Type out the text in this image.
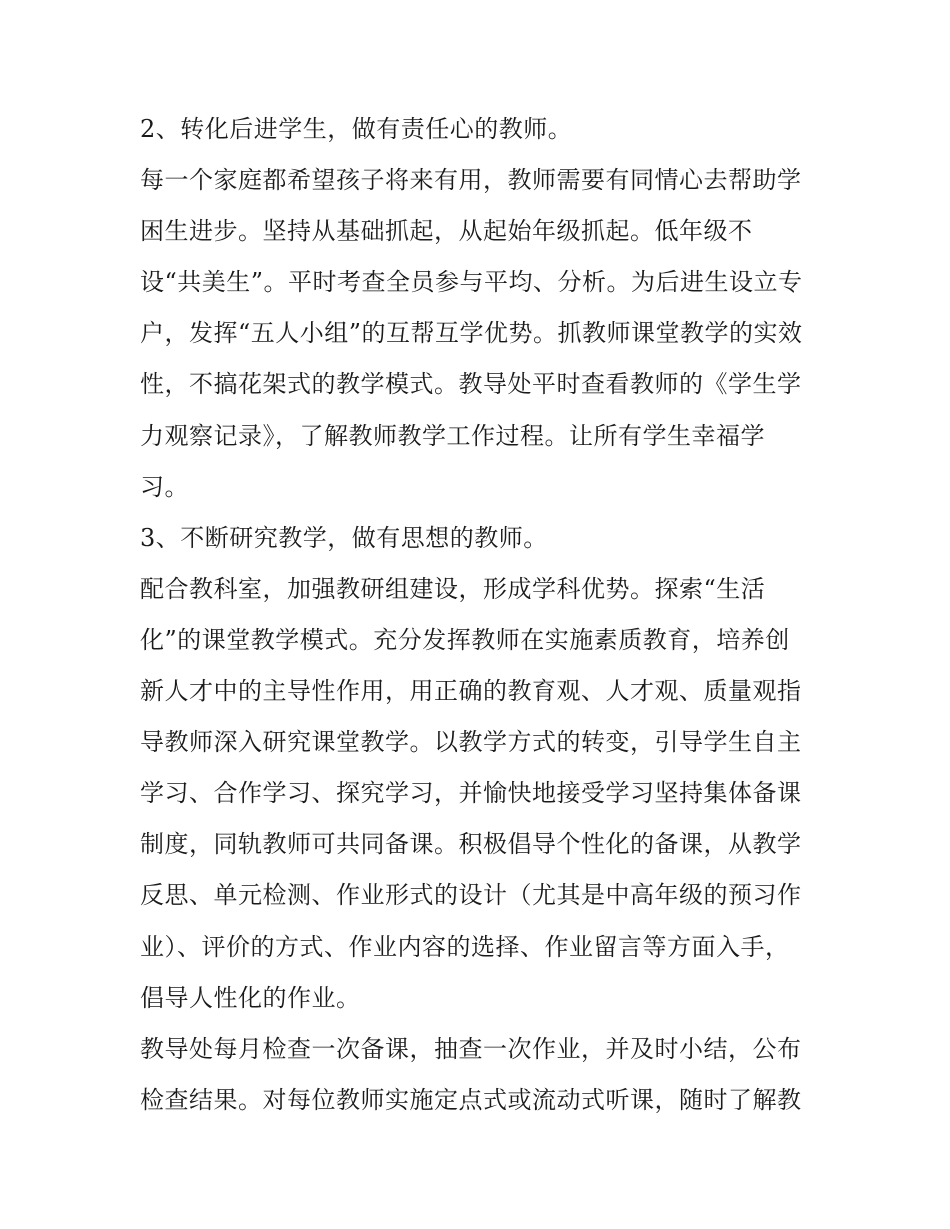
2、转化后进学生，做有责任心的教师。
每一个家庭都希望孩子将来有用，教师需要有同情心去帮助学
困生进步。坚持从基础抓起，从起始年级抓起。低年级不
设“共美生”。平时考查全员参与平均、分析。为后进生设立专
户，发挥“五人小组”的互帮互学优势。抓教师课堂教学的实效
性，不搞花架式的教学模式。教导处平时查看教师的《学生学
力观察记录》，了解教师教学工作过程。让所有学生幸福学
习。
3、不断研究教学，做有思想的教师。
配合教科室，加强教研组建设，形成学科优势。探索“生活
化”的课堂教学模式。充分发挥教师在实施素质教育，培养创
新人才中的主导性作用，用正确的教育观、人才观、质量观指
导教师深入研究课堂教学。以教学方式的转变，引导学生自主
学习、合作学习、探究学习，并愉快地接受学习坚持集体备课
制度，同轨教师可共同备课。积极倡导个性化的备课，从教学
反思、单元检测、作业形式的设计（尤其是中高年级的预习作
业）、评价的方式、作业内容的选择、作业留言等方面入手，
倡导人性化的作业。
教导处每月检查一次备课，抽查一次作业，并及时小结，公布
检查结果。对每位教师实施定点式或流动式听课，随时了解教
